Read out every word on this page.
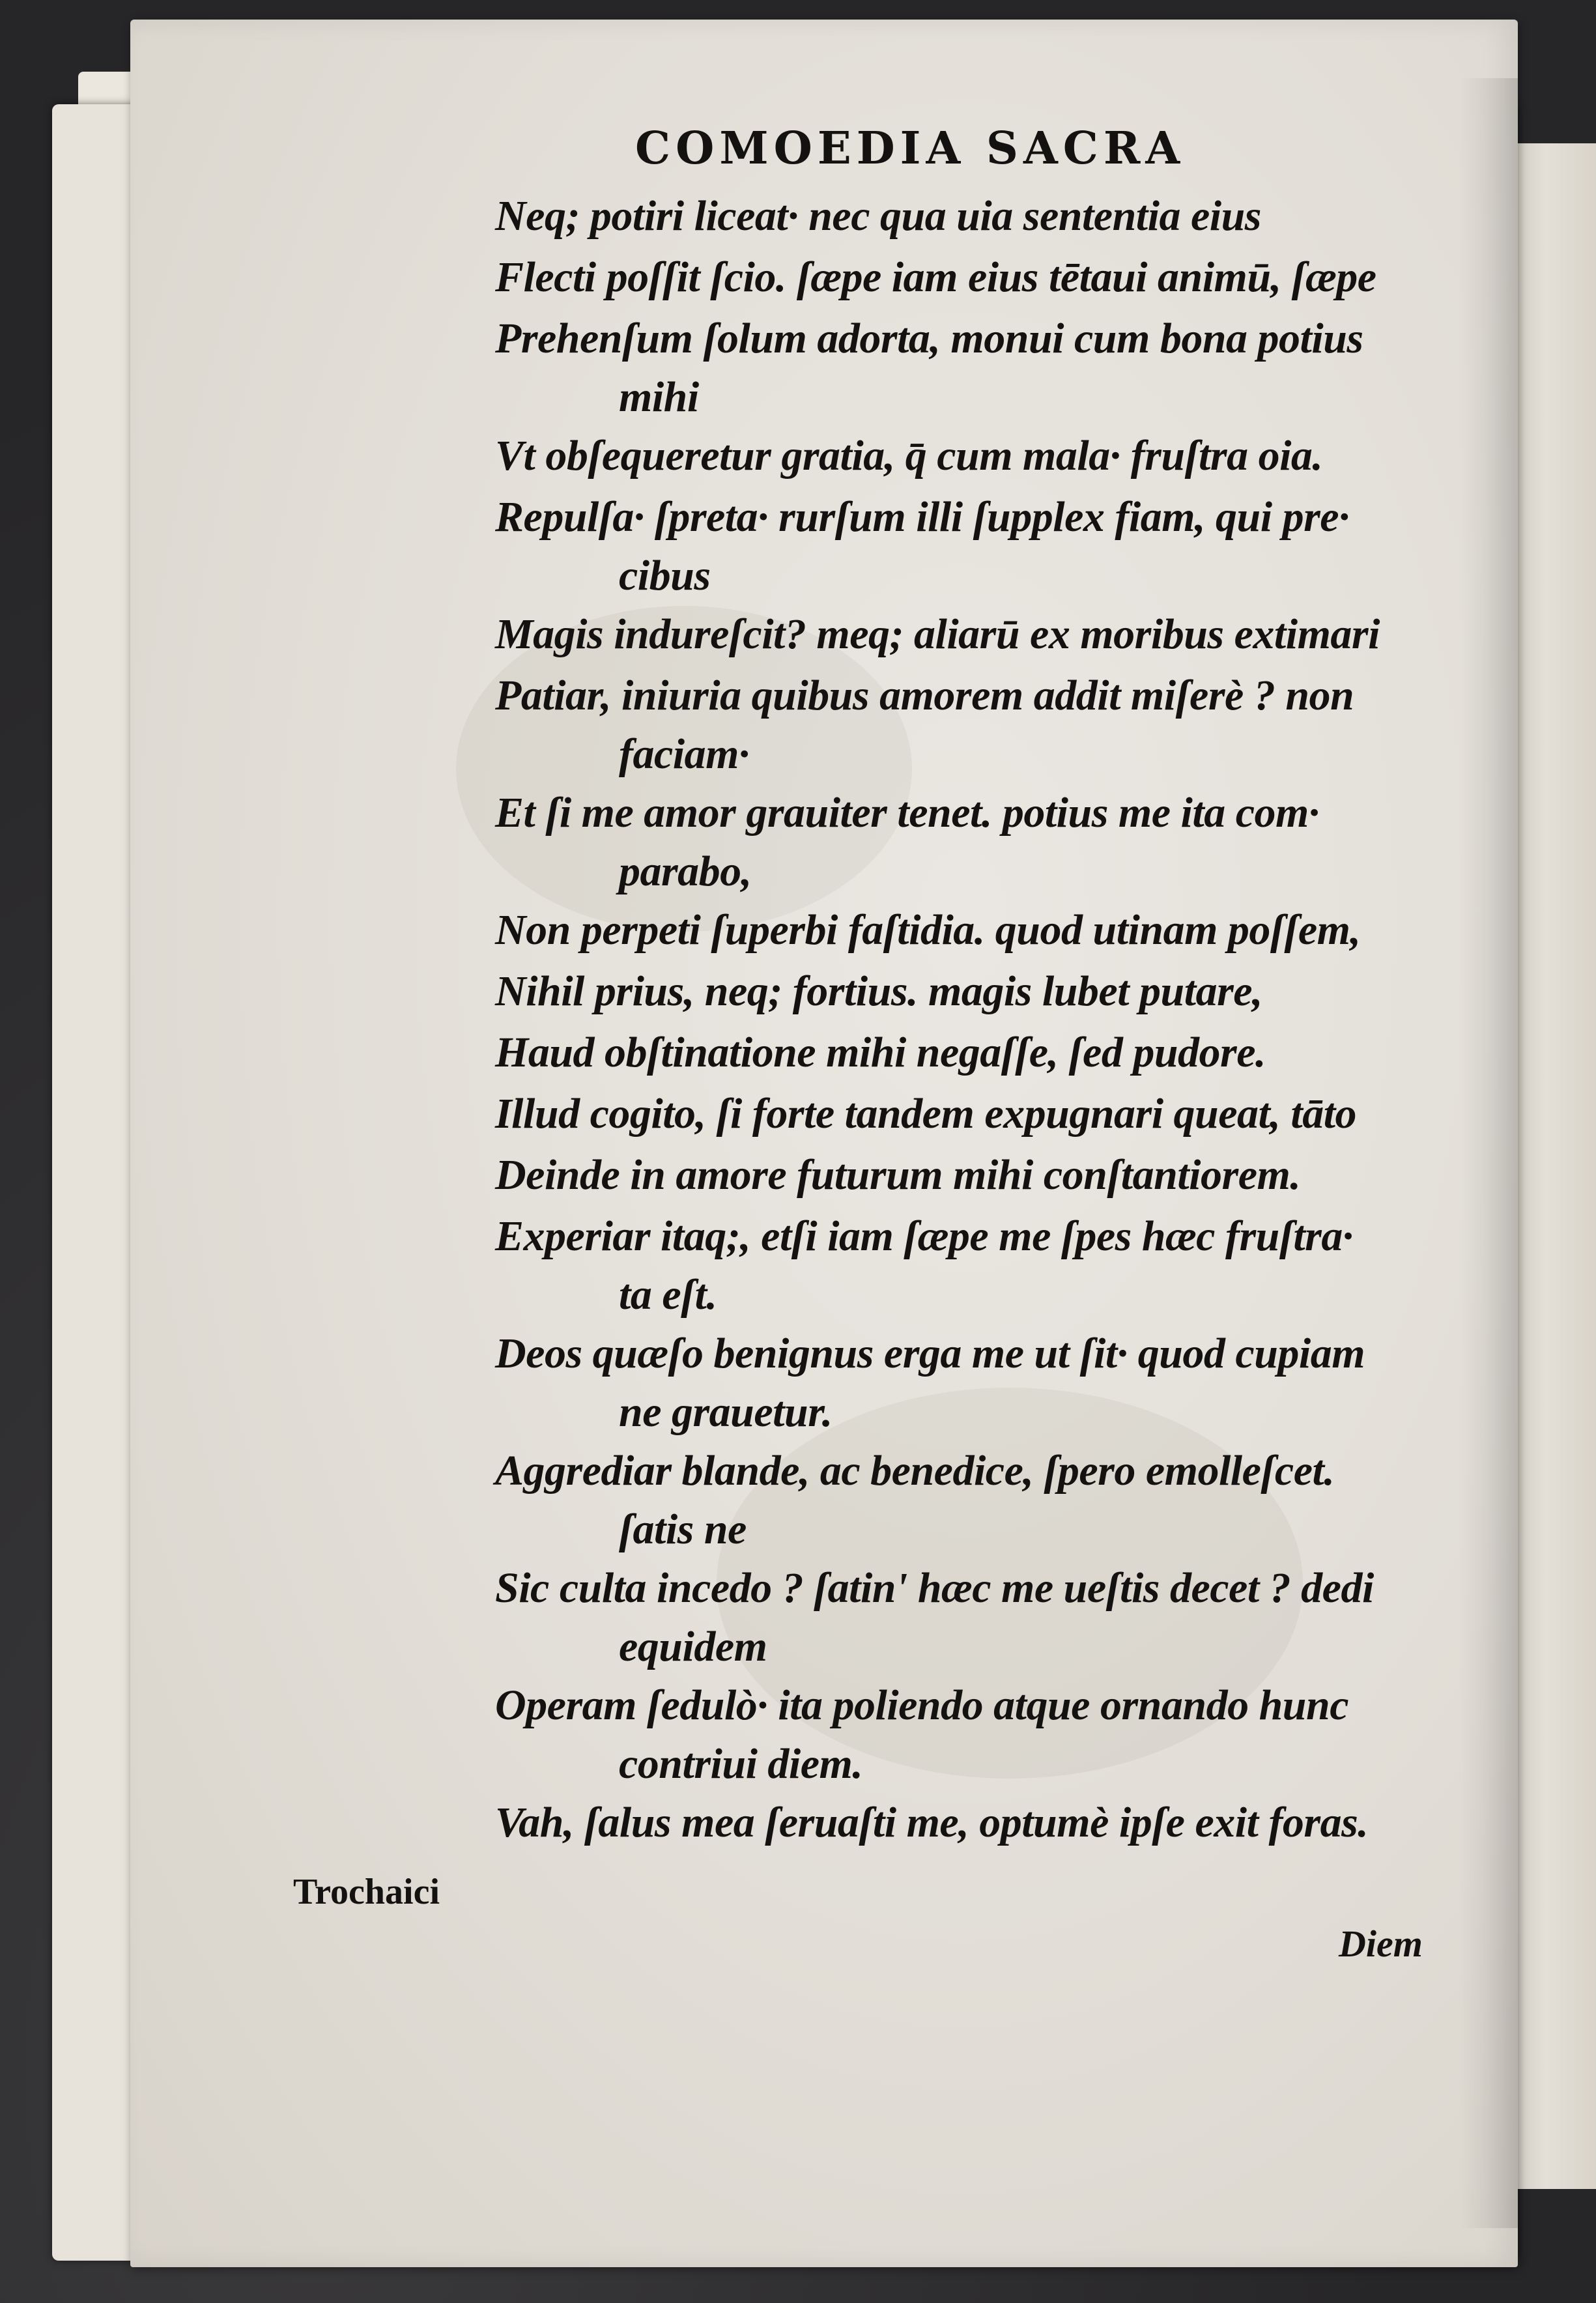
COMOEDIA SACRA
Neq; potiri liceat· nec qua uia sententia eius
Flecti poſſit ſcio. ſæpe iam eius tētaui animū, ſæpe
Prehenſum ſolum adorta, monui cum bona potius
mihi
Vt obſequeretur gratia, q̄ cum mala· fruſtra oia.
Repulſa· ſpreta· rurſum illi ſupplex fiam, qui pre·
cibus
Magis indureſcit? meq; aliarū ex moribus extimari
Patiar, iniuria quibus amorem addit miſerè ? non
faciam·
Et ſi me amor grauiter tenet. potius me ita com·
parabo,
Non perpeti ſuperbi faſtidia. quod utinam poſſem,
Nihil prius, neq; fortius. magis lubet putare,
Haud obſtinatione mihi negaſſe, ſed pudore.
Illud cogito, ſi forte tandem expugnari queat, tāto
Deinde in amore futurum mihi conſtantiorem.
Experiar itaq;, etſi iam ſæpe me ſpes hæc fruſtra·
ta eſt.
Deos quæſo benignus erga me ut ſit· quod cupiam
ne grauetur.
Aggrediar blande, ac benedice, ſpero emolleſcet.
ſatis ne
Sic culta incedo ? ſatin' hæc me ueſtis decet ? dedi
equidem
Operam ſedulò· ita poliendo atque ornando hunc
contriui diem.
Vah, ſalus mea ſeruaſti me, optumè ipſe exit foras.
Trochaici
Diem
